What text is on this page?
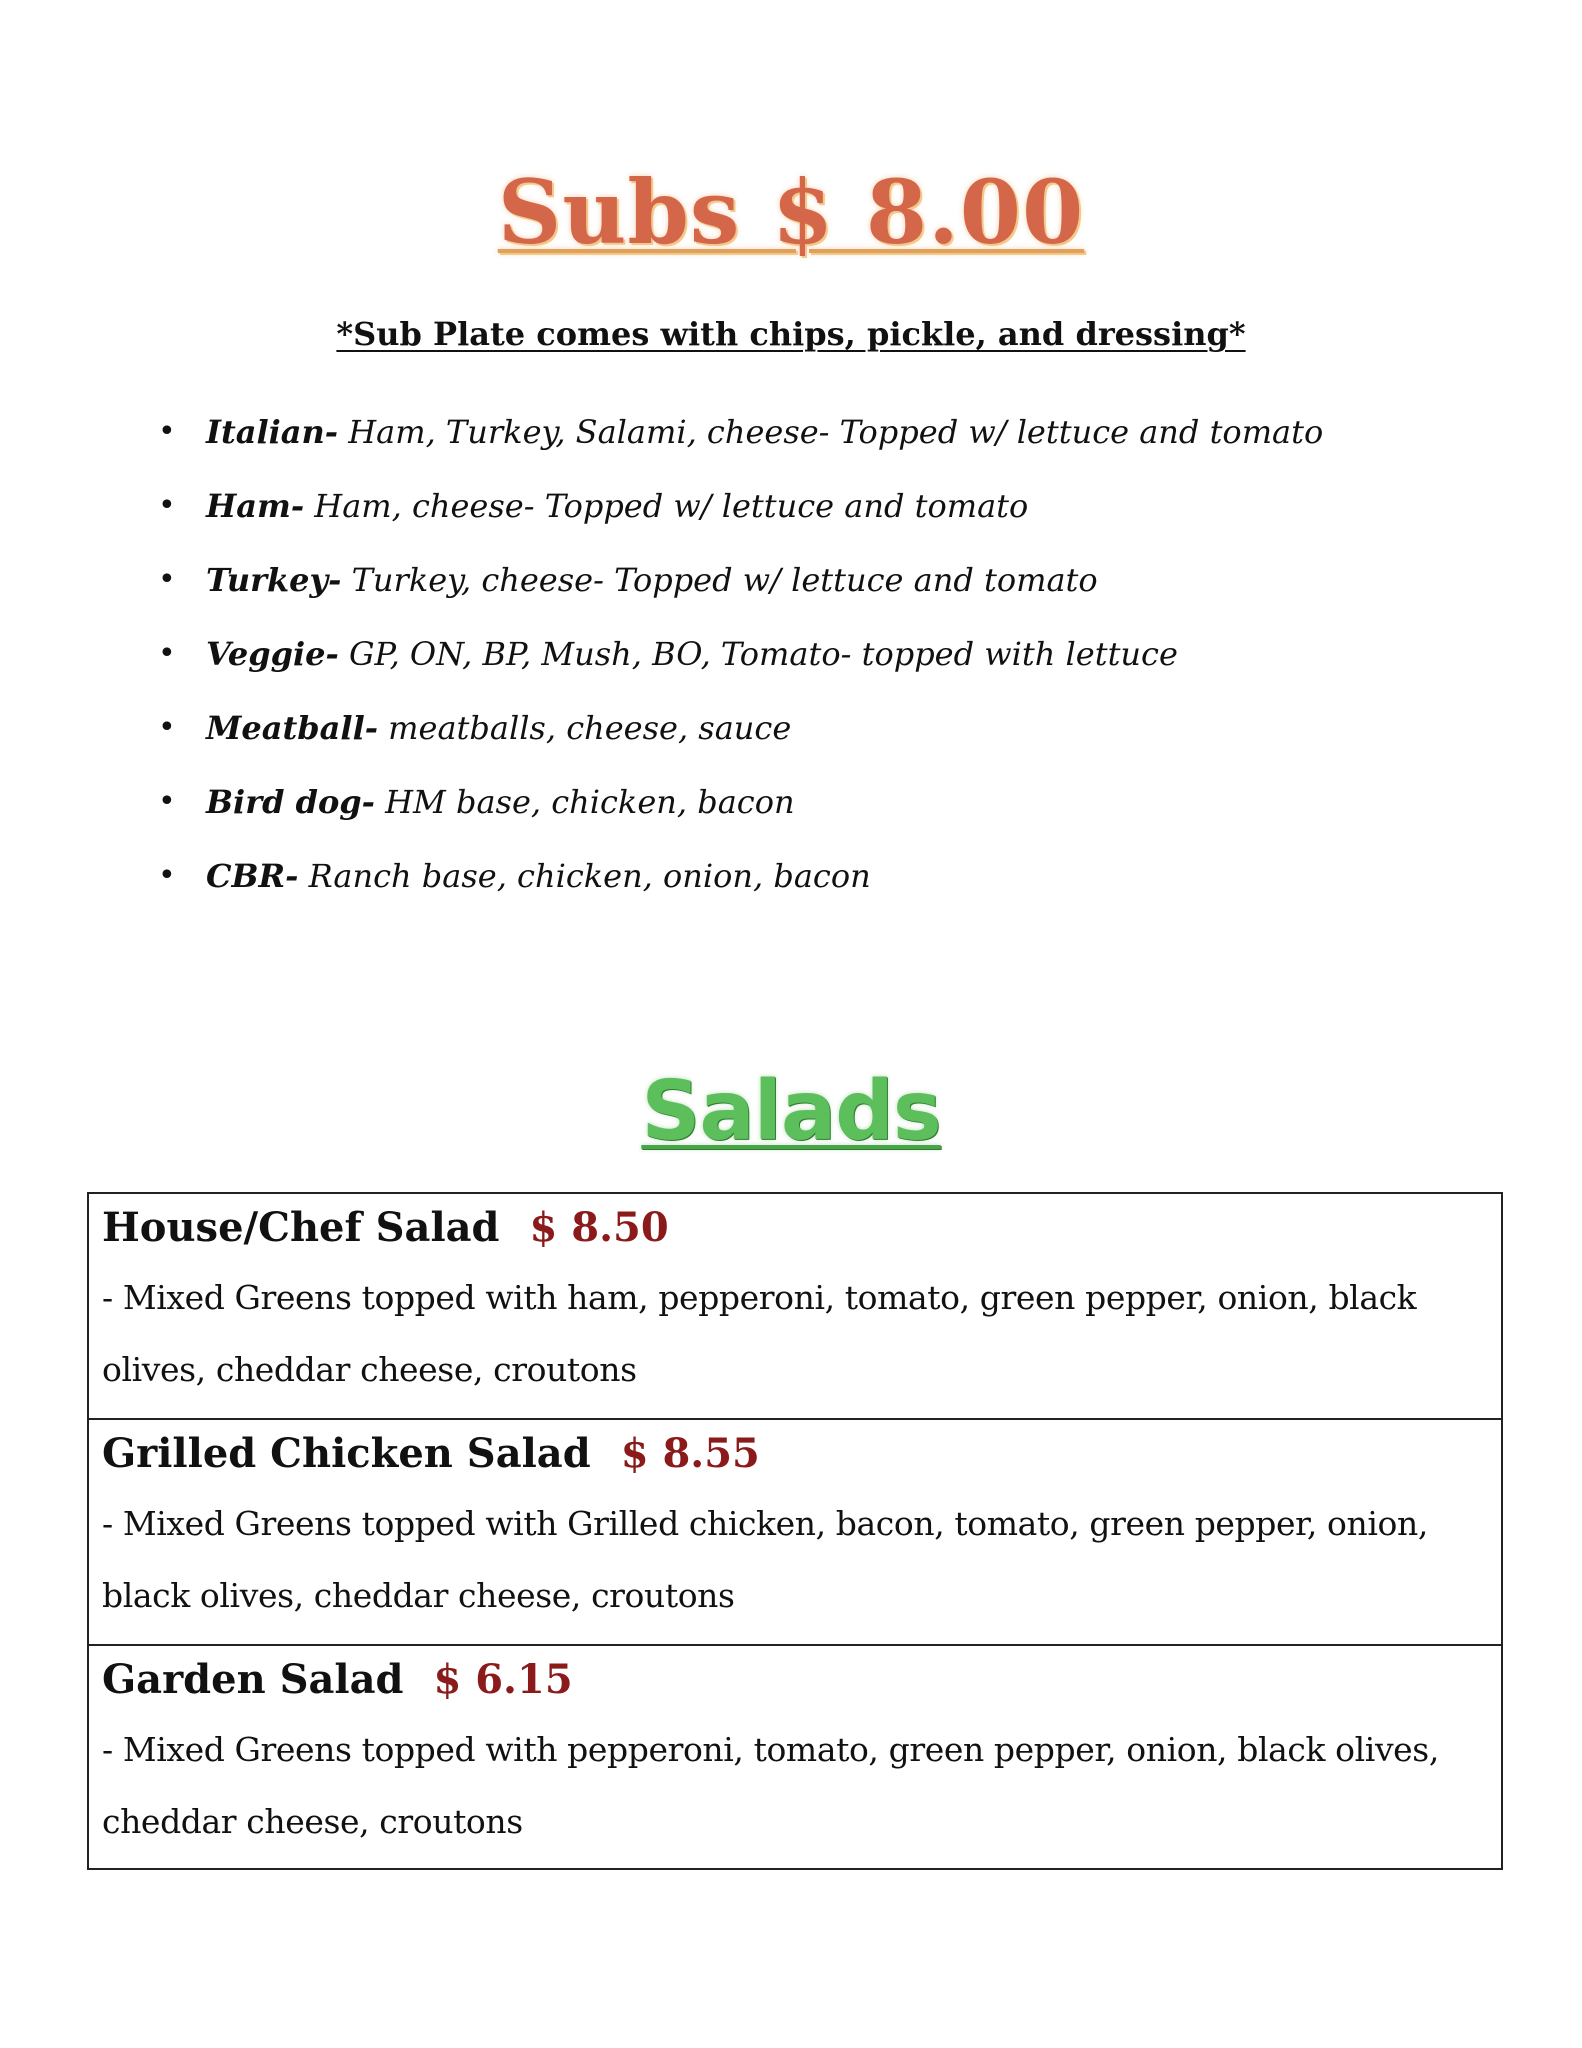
Subs $ 8.00
*Sub Plate comes with chips, pickle, and dressing*
• Italian- Ham, Turkey, Salami, cheese- Topped w/ lettuce and tomato
• Ham- Ham, cheese- Topped w/ lettuce and tomato
• Turkey- Turkey, cheese- Topped w/ lettuce and tomato
• Veggie- GP, ON, BP, Mush, BO, Tomato- topped with lettuce
• Meatball- meatballs, cheese, sauce
• Bird dog- HM base, chicken, bacon
• CBR- Ranch base, chicken, onion, bacon
Salads
House/Chef Salad $ 8.50
- Mixed Greens topped with ham, pepperoni, tomato, green pepper, onion, black olives, cheddar cheese, croutons
Grilled Chicken Salad $ 8.55
- Mixed Greens topped with Grilled chicken, bacon, tomato, green pepper, onion, black olives, cheddar cheese, croutons
Garden Salad $ 6.15
- Mixed Greens topped with pepperoni, tomato, green pepper, onion, black olives, cheddar cheese, croutons
